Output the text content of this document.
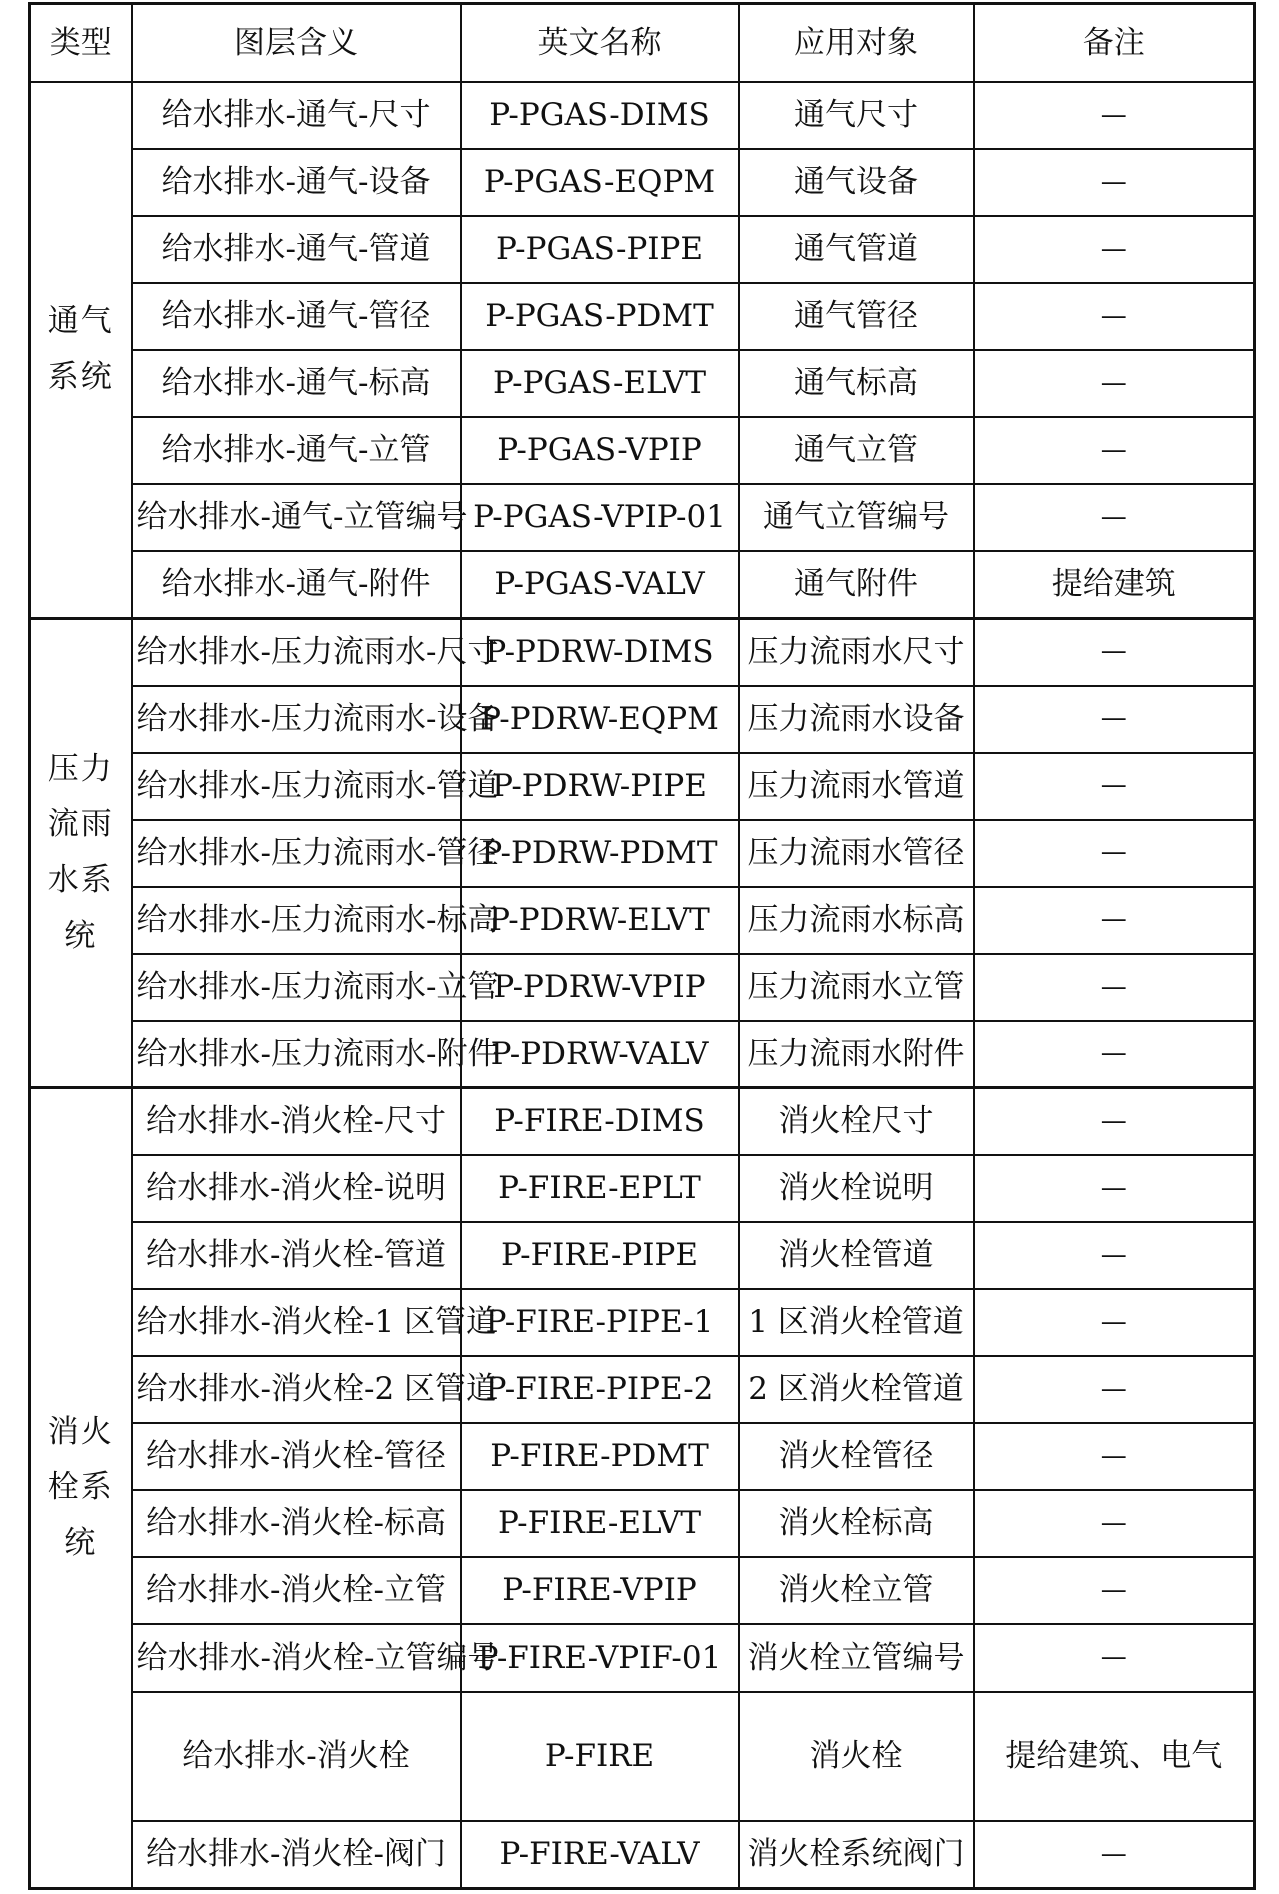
类型	图层含义	英文名称	应用对象	备注
通气系统	给水排水-通气-尺寸	P-PGAS-DIMS	通气尺寸	—
	给水排水-通气-设备	P-PGAS-EQPM	通气设备	—
	给水排水-通气-管道	P-PGAS-PIPE	通气管道	—
	给水排水-通气-管径	P-PGAS-PDMT	通气管径	—
	给水排水-通气-标高	P-PGAS-ELVT	通气标高	—
	给水排水-通气-立管	P-PGAS-VPIP	通气立管	—
	给水排水-通气-立管编号	P-PGAS-VPIP-01	通气立管编号	—
	给水排水-通气-附件	P-PGAS-VALV	通气附件	提给建筑
压力流雨水系统	给水排水-压力流雨水-尺寸	P-PDRW-DIMS	压力流雨水尺寸	—
	给水排水-压力流雨水-设备	P-PDRW-EQPM	压力流雨水设备	—
	给水排水-压力流雨水-管道	P-PDRW-PIPE	压力流雨水管道	—
	给水排水-压力流雨水-管径	P-PDRW-PDMT	压力流雨水管径	—
	给水排水-压力流雨水-标高	P-PDRW-ELVT	压力流雨水标高	—
	给水排水-压力流雨水-立管	P-PDRW-VPIP	压力流雨水立管	—
	给水排水-压力流雨水-附件	P-PDRW-VALV	压力流雨水附件	—
消火栓系统	给水排水-消火栓-尺寸	P-FIRE-DIMS	消火栓尺寸	—
	给水排水-消火栓-说明	P-FIRE-EPLT	消火栓说明	—
	给水排水-消火栓-管道	P-FIRE-PIPE	消火栓管道	—
	给水排水-消火栓-1 区管道	P-FIRE-PIPE-1	1 区消火栓管道	—
	给水排水-消火栓-2 区管道	P-FIRE-PIPE-2	2 区消火栓管道	—
	给水排水-消火栓-管径	P-FIRE-PDMT	消火栓管径	—
	给水排水-消火栓-标高	P-FIRE-ELVT	消火栓标高	—
	给水排水-消火栓-立管	P-FIRE-VPIP	消火栓立管	—
	给水排水-消火栓-立管编号	P-FIRE-VPIF-01	消火栓立管编号	—
	给水排水-消火栓	P-FIRE	消火栓	提给建筑、电气
	给水排水-消火栓-阀门	P-FIRE-VALV	消火栓系统阀门	—
